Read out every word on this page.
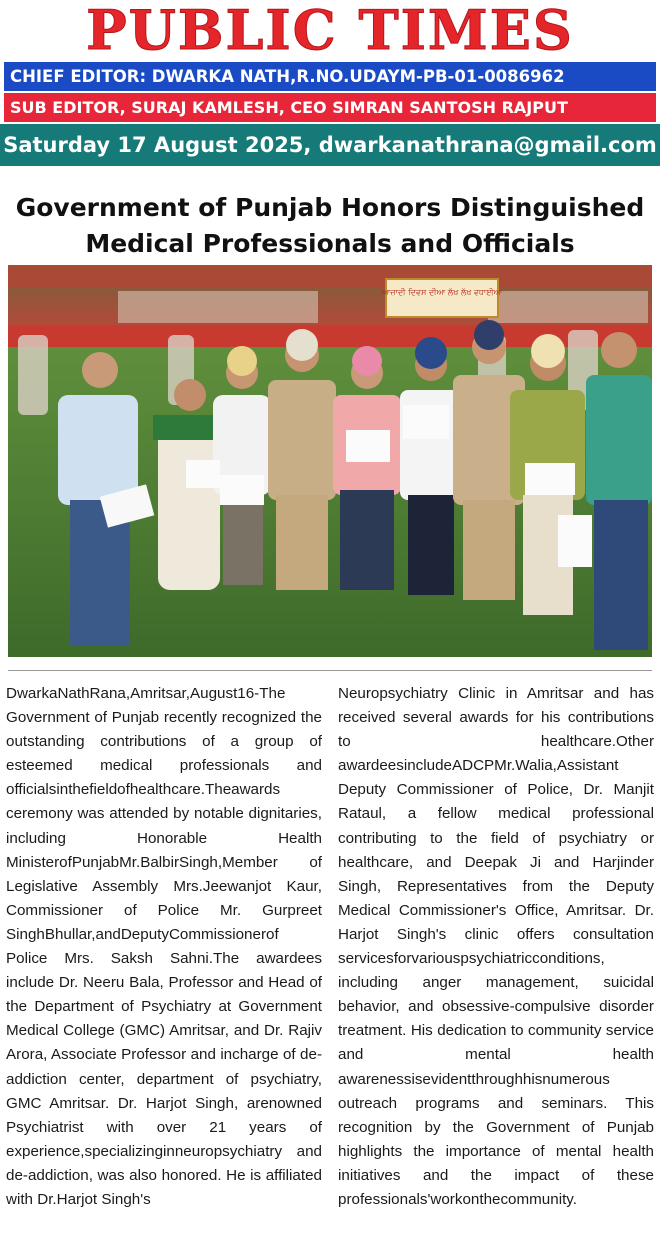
PUBLIC TIMES
CHIEF EDITOR: DWARKA NATH,R.NO.UDAYM-PB-01-0086962
SUB EDITOR, SURAJ KAMLESH, CEO SIMRAN SANTOSH RAJPUT
Saturday 17 August 2025, dwarkanathrana@gmail.com
Government of Punjab Honors Distinguished Medical Professionals and Officials
ਆਜ਼ਾਦੀ ਦਿਵਸ ਦੀਆ ਲੱਖ ਲੱਖ ਵਧਾਈਆ

DwarkaNathRana,Amritsar,August16-The Government of Punjab recently recognized the outstanding contributions of a group of esteemed medical professionals and officialsinthefieldofhealthcare.Theawards ceremony was attended by notable dignitaries, including Honorable Health MinisterofPunjabMr.BalbirSingh,Member of Legislative Assembly Mrs.Jeewanjot Kaur, Commissioner of Police Mr. Gurpreet SinghBhullar,andDeputyCommissionerof Police Mrs. Saksh Sahni.The awardees include Dr. Neeru Bala, Professor and Head of the Department of Psychiatry at Government Medical College (GMC) Amritsar, and Dr. Rajiv Arora, Associate Professor and incharge of de-addiction center, department of psychiatry, GMC Amritsar. Dr. Harjot Singh, arenowned Psychiatrist with over 21 years of experience,specializinginneuropsychiatry and de-addiction, was also honored. He is affiliated with Dr.Harjot Singh's

Neuropsychiatry Clinic in Amritsar and has received several awards for his contributions to healthcare.Other awardeesincludeADCPMr.Walia,Assistant Deputy Commissioner of Police, Dr. Manjit Rataul, a fellow medical professional contributing to the field of psychiatry or healthcare, and Deepak Ji and Harjinder Singh, Representatives from the Deputy Medical Commissioner's Office, Amritsar. Dr. Harjot Singh's clinic offers consultation servicesforvariouspsychiatricconditions, including anger management, suicidal behavior, and obsessive-compulsive disorder treatment. His dedication to community service and mental health awarenessisevidentthroughhisnumerous outreach programs and seminars. This recognition by the Government of Punjab highlights the importance of mental health initiatives and the impact of these professionals'workonthecommunity.
